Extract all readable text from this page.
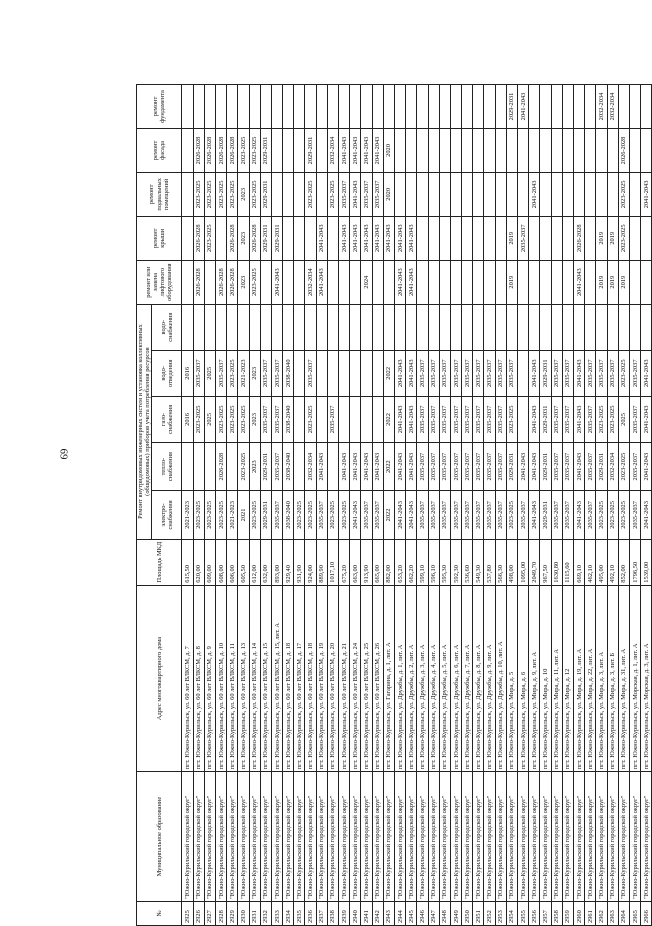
69
№	Муниципальное образование	Адрес многоквартирного дома	Площадь МКД	Ремонт внутридомовых инженерных систем и установка коллективных (общедомовых) приборов учета потребления ресурсов					ремонт или замена лифтового оборудования	ремонт крыши	ремонт подвальных помещений	ремонт фасада	ремонт фундамента
				электро-снабжения	тепло-снабжения	газо-снабжения	водо-отведения	водо-снабжения					
2925	"Южно-Курильский городской округ"	пгт. Южно-Курильск, ул. 60 лет ВЛКСМ, д. 7	615,50	2021-2023		2016	2016						
2926	"Южно-Курильский городской округ"	пгт. Южно-Курильск, ул. 60 лет ВЛКСМ, д. 8	620,00	2023-2025		2023-2025	2035-2037		2026-2028	2026-2028	2023-2025	2026-2028	
2927	"Южно-Курильский городской округ"	пгт. Южно-Курильск, ул. 60 лет ВЛКСМ, д. 9	609,00	2023-2025		2025	2025			2023-2025	2023-2025	2026-2028	
2928	"Южно-Курильский городской округ"	пгт. Южно-Курильск, ул. 60 лет ВЛКСМ, д. 10	608,00	2023-2025	2026-2028	2023-2025	2035-2037		2026-2028		2023-2025	2026-2028	
2929	"Южно-Курильский городской округ"	пгт. Южно-Курильск, ул. 60 лет ВЛКСМ, д. 11	606,00	2021-2023		2023-2025	2023-2025		2026-2028	2026-2028	2023-2025	2026-2028	
2930	"Южно-Курильский городской округ"	пгт. Южно-Курильск, ул. 60 лет ВЛКСМ, д. 13	605,50	2021	2023-2025	2023-2025	2021-2023		2023	2023	2023	2023-2025	
2931	"Южно-Курильский городской округ"	пгт. Южно-Курильск, ул. 60 лет ВЛКСМ, д. 14	612,00	2023-2025	2023	2023	2023		2023-2025	2026-2028	2023-2025	2023-2025	
2932	"Южно-Курильский городской округ"	пгт. Южно-Курильск, ул. 60 лет ВЛКСМ, д. 15	632,00	2029-2031	2029-2031	2035-2037	2035-2037			2029-2031	2029-2031	2029-2031	
2933	"Южно-Курильский городской округ"	пгт. Южно-Курильск, ул. 60 лет ВЛКСМ, д. 15, лит. А	893,00	2035-2037	2035-2037	2035-2037	2035-2037		2041-2043	2029-2031			
2934	"Южно-Курильский городской округ"	пгт. Южно-Курильск, ул. 60 лет ВЛКСМ, д. 18	929,40	2038-2040	2038-2040	2038-2040	2038-2040						
2935	"Южно-Курильский городской округ"	пгт. Южно-Курильск, ул. 60 лет ВЛКСМ, д. 17	931,90	2023-2025									
2936	"Южно-Курильский городской округ"	пгт. Южно-Курильск, ул. 60 лет ВЛКСМ, д. 18	924,00	2023-2025	2032-2034	2023-2025	2035-2037		2032-2034		2023-2025	2029-2031	
2937	"Южно-Курильский городской округ"	пгт. Южно-Курильск, ул. 60 лет ВЛКСМ, д. 19	889,90	2035-2037	2041-2043				2041-2043	2041-2043			
2938	"Южно-Курильский городской округ"	пгт. Южно-Курильск, ул. 60 лет ВЛКСМ, д. 20	1017,10	2023-2025		2035-2037					2023-2025	2032-2034	
2939	"Южно-Курильский городской округ"	пгт. Южно-Курильск, ул. 60 лет ВЛКСМ, д. 21	675,20	2023-2025	2041-2043					2041-2043	2035-2037	2041-2043	
2940	"Южно-Курильский городской округ"	пгт. Южно-Курильск, ул. 60 лет ВЛКСМ, д. 24	663,00	2041-2043	2041-2043					2041-2043	2041-2043	2041-2043	
2941	"Южно-Курильский городской округ"	пгт. Южно-Курильск, ул. 60 лет ВЛКСМ, д. 25	913,90	2035-2037	2041-2043				2024	2041-2043	2035-2037	2041-2043	
2942	"Южно-Курильский городской округ"	пгт. Южно-Курильск, ул. 60 лет ВЛКСМ, д. 26	665,00	2035-2037	2041-2043					2041-2043	2035-2037	2041-2043	
2943	"Южно-Курильский городской округ"	пгт. Южно-Курильск, ул. Гагарина, д. 1, лит. А	882,00	2022	2022	2022	2022			2041-2043	2020	2020	
2944	"Южно-Курильский городской округ"	пгт. Южно-Курильск, ул. Дружбы, д. 1, лит. А	653,20	2041-2043	2041-2043	2041-2043	2041-2043		2041-2043	2041-2043			
2945	"Южно-Курильский городской округ"	пгт. Южно-Курильск, ул. Дружбы, д. 2, лит. А	662,20	2041-2043	2041-2043	2041-2043	2041-2043		2041-2043	2041-2043			
2946	"Южно-Курильский городской округ"	пгт. Южно-Курильск, ул. Дружбы, д. 3, лит. А	599,10	2035-2037	2035-2037	2035-2037	2035-2037						
2947	"Южно-Курильский городской округ"	пгт. Южно-Курильск, ул. Дружбы, д. 4, лит. А	596,10	2035-2037	2035-2037	2035-2037	2035-2037						
2948	"Южно-Курильский городской округ"	пгт. Южно-Курильск, ул. Дружбы, д. 5, лит. А	595,30	2035-2037	2035-2037	2035-2037	2035-2037						
2949	"Южно-Курильский городской округ"	пгт. Южно-Курильск, ул. Дружбы, д. 6, лит. А	592,30	2035-2037	2035-2037	2035-2037	2035-2037						
2950	"Южно-Курильский городской округ"	пгт. Южно-Курильск, ул. Дружбы, д. 7, лит. А	536,60	2035-2037	2035-2037	2035-2037	2035-2037						
2951	"Южно-Курильский городской округ"	пгт. Южно-Курильск, ул. Дружбы, д. 8, лит. А	549,30	2035-2037	2035-2037	2035-2037	2035-2037						
2952	"Южно-Курильский городской округ"	пгт. Южно-Курильск, ул. Дружбы, д. 9, лит. А	537,80	2035-2037	2035-2037	2035-2037	2035-2037						
2953	"Южно-Курильский городской округ"	пгт. Южно-Курильск, ул. Дружбы, д. 10, лит. А	566,30	2035-2037	2035-2037	2035-2037	2035-2037						
2954	"Южно-Курильский городской округ"	пгт. Южно-Курильск, ул. Мира, д. 5	498,00	2023-2025	2029-2031	2023-2025	2035-2037		2019	2019			2029-2031
2955	"Южно-Курильский городской округ"	пгт. Южно-Курильск, ул. Мира, д. 6	1095,00	2035-2037	2041-2043					2035-2037			2041-2043
2956	"Южно-Курильский городской округ"	пгт. Южно-Курильск, ул. Мира, д. 9, лит. А	2049,70	2041-2043	2041-2043	2041-2043	2041-2043				2041-2043		
2957	"Южно-Курильский городской округ"	пгт. Южно-Курильск, ул. Мира, д. 10	967,50	2029-2031	2029-2031	2029-2031	2029-2031						
2958	"Южно-Курильский городской округ"	пгт. Южно-Курильск, ул. Мира, д. 11, лит. А	1630,80	2035-2037	2035-2037	2035-2037	2035-2037						
2959	"Южно-Курильский городской округ"	пгт. Южно-Курильск, ул. Мира, д. 12	1115,60	2035-2037	2035-2037	2035-2037	2035-2037						
2960	"Южно-Курильский городской округ"	пгт. Южно-Курильск, ул. Мира, д. 19, лит. А	669,10	2041-2043	2041-2043	2041-2043	2041-2043		2041-2043	2026-2028			
2961	"Южно-Курильский городской округ"	пгт. Южно-Курильск, ул. Мира, д. 22, лит. А	462,10	2035-2037	2035-2037	2035-2037	2035-2037						
2962	"Южно-Курильский городской округ"	пгт. Южно-Курильск, ул. Мира, д. 3, лит. А	495,00	2023-2025	2029-2031	2023-2025	2035-2037		2019	2019			2032-2034
2963	"Южно-Курильский городской округ"	пгт. Южно-Курильск, ул. Мира, д. 3, лит. Б	492,10	2023-2025	2032-2034	2023-2025	2035-2037		2019	2019			2032-2034
2964	"Южно-Курильский городской округ"	пгт. Южно-Курильск, ул. Мира, д. 31, лит. А	852,00	2023-2025	2023-2025	2025	2023-2025		2019	2023-2025	2023-2025	2026-2028	
2965	"Южно-Курильский городской округ"	пгт. Южно-Курильск, ул. Морская, д. 1, лит. А	1796,50	2035-2037	2035-2037	2035-2037	2035-2037						
2966	"Южно-Курильский городской округ"	пгт. Южно-Курильск, ул. Морская, д. 3, лит. А	1539,00	2041-2043	2041-2043	2041-2043	2041-2043				2041-2043		
